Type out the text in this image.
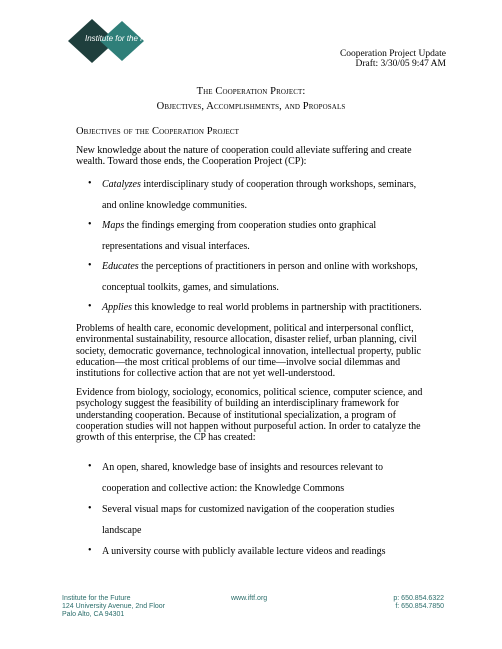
Institute for the Future
Cooperation Project Update
Draft: 3/30/05 9:47 AM
The Cooperation Project:
Objectives, Accomplishments, and Proposals
Objectives of the Cooperation Project
New knowledge about the nature of cooperation could alleviate suffering and create
wealth. Toward those ends, the Cooperation Project (CP):
• Catalyzes interdisciplinary study of cooperation through workshops, seminars,
and online knowledge communities.
• Maps the findings emerging from cooperation studies onto graphical
representations and visual interfaces.
• Educates the perceptions of practitioners in person and online with workshops,
conceptual toolkits, games, and simulations.
• Applies this knowledge to real world problems in partnership with practitioners.
Problems of health care, economic development, political and interpersonal conflict,
environmental sustainability, resource allocation, disaster relief, urban planning, civil
society, democratic governance, technological innovation, intellectual property, public
education—the most critical problems of our time—involve social dilemmas and
institutions for collective action that are not yet well-understood.
Evidence from biology, sociology, economics, political science, computer science, and
psychology suggest the feasibility of building an interdisciplinary framework for
understanding cooperation. Because of institutional specialization, a program of
cooperation studies will not happen without purposeful action. In order to catalyze the
growth of this enterprise, the CP has created:
• An open, shared, knowledge base of insights and resources relevant to
cooperation and collective action: the Knowledge Commons
• Several visual maps for customized navigation of the cooperation studies
landscape
• A university course with publicly available lecture videos and readings
Institute for the Future
124 University Avenue, 2nd Floor
Palo Alto, CA 94301
www.iftf.org	p: 650.854.6322
f: 650.854.7850
